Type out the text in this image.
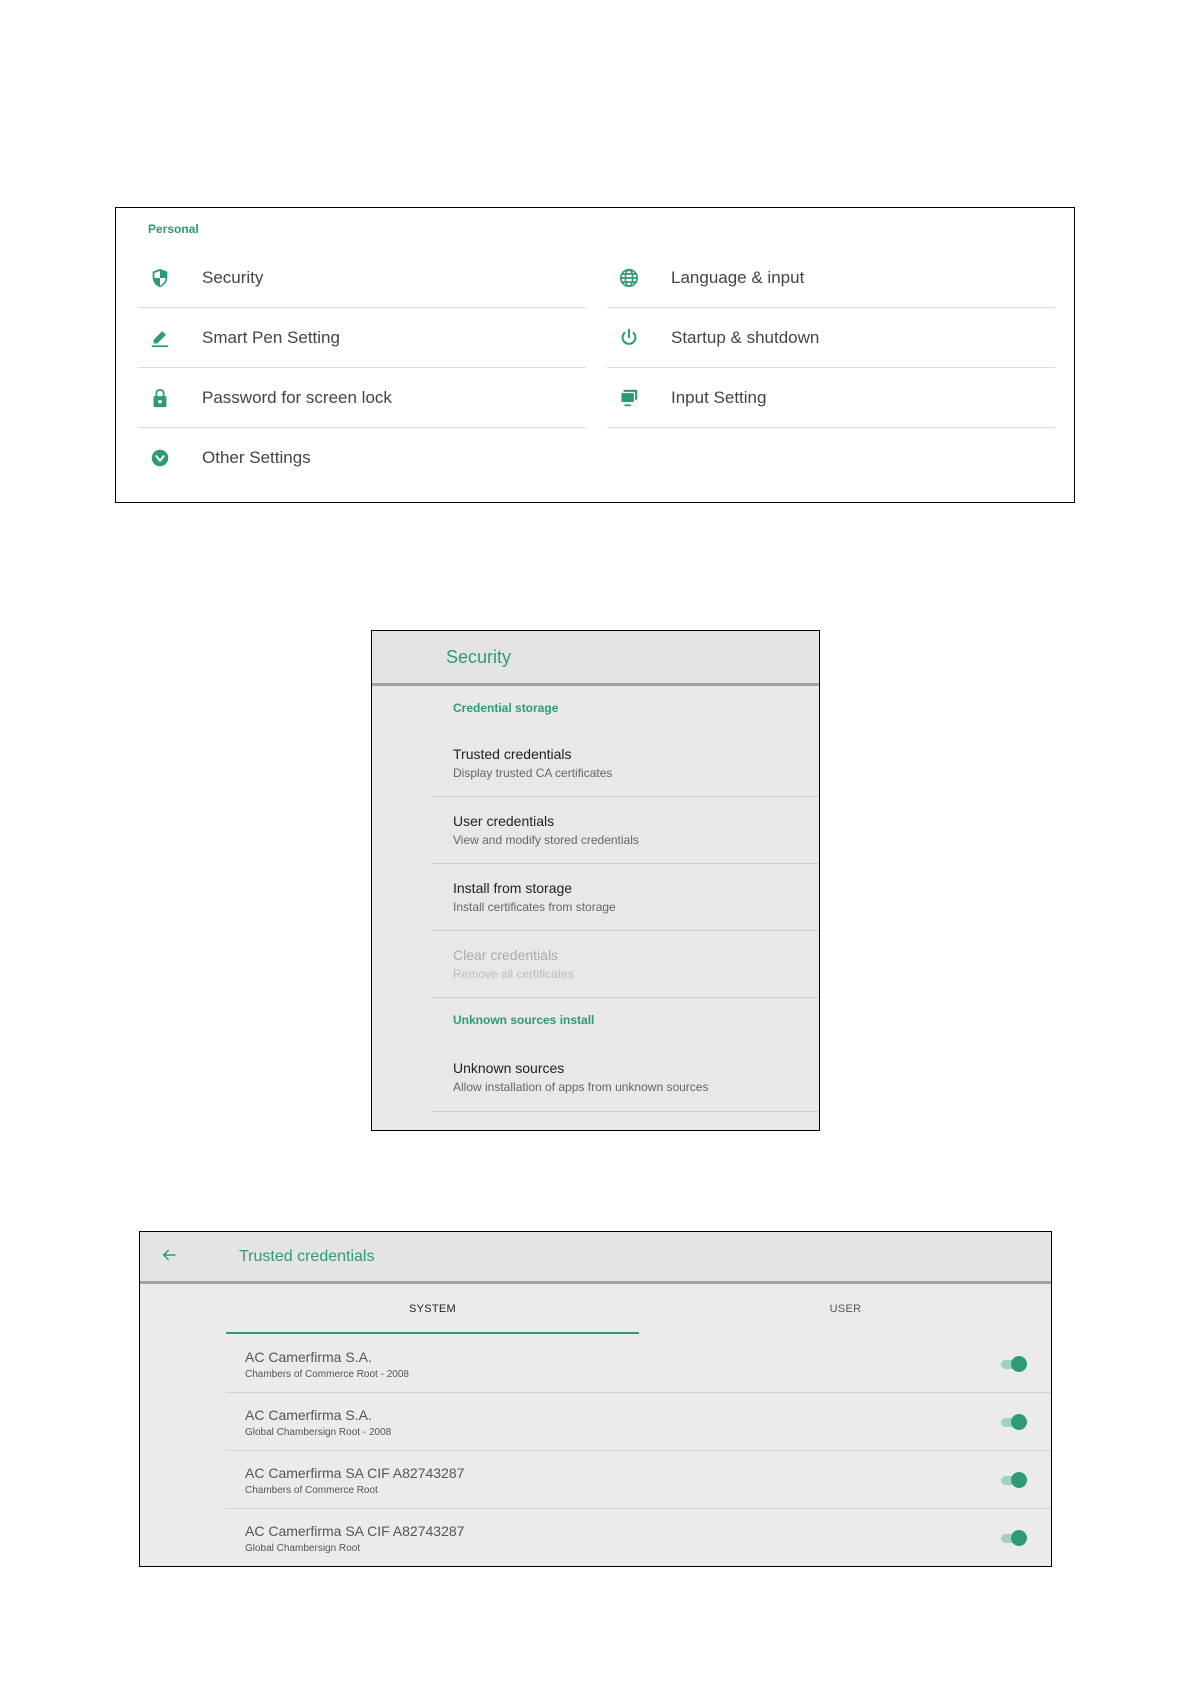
Personal
Security
Smart Pen Setting
Password for screen lock
Other Settings
Language & input
Startup & shutdown
Input Setting
Security
Credential storage
Trusted credentials
Display trusted CA certificates
User credentials
View and modify stored credentials
Install from storage
Install certificates from storage
Clear credentials
Remove all certificates
Unknown sources install
Unknown sources
Allow installation of apps from unknown sources
Trusted credentials
SYSTEM	USER
AC Camerfirma S.A.
Chambers of Commerce Root - 2008
AC Camerfirma S.A.
Global Chambersign Root - 2008
AC Camerfirma SA CIF A82743287
Chambers of Commerce Root
AC Camerfirma SA CIF A82743287
Global Chambersign Root
